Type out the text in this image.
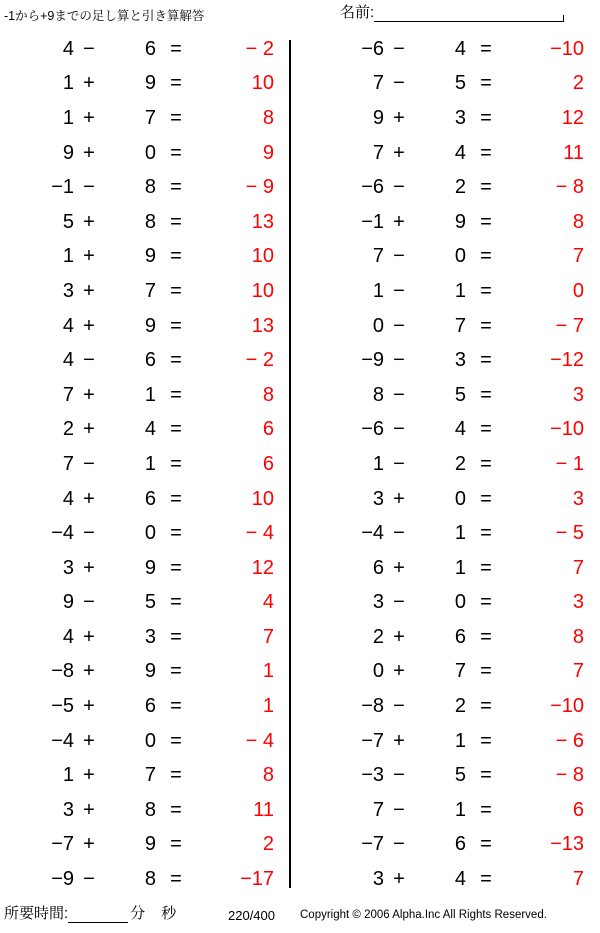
-1から+9までの足し算と引き算解答	名前:
4 −	6 =	− 2
1 +	9 =	10
1 +	7 =	8
9 +	0 =	9
−1 −	8 =	− 9
5 +	8 =	13
1 +	9 =	10
3 +	7 =	10
4 +	9 =	13
4 −	6 =	− 2
7 +	1 =	8
2 +	4 =	6
7 −	1 =	6
4 +	6 =	10
−4 −	0 =	− 4
3 +	9 =	12
9 −	5 =	4
4 +	3 =	7
−8 +	9 =	1
−5 +	6 =	1
−4 +	0 =	− 4
1 +	7 =	8
3 +	8 =	11
−7 +	9 =	2
−9 −	8 =	−17
−6 −	4 =	−10
7 −	5 =	2
9 +	3 =	12
7 +	4 =	11
−6 −	2 =	− 8
−1 +	9 =	8
7 −	0 =	7
1 −	1 =	0
0 −	7 =	− 7
−9 −	3 =	−12
8 −	5 =	3
−6 −	4 =	−10
1 −	2 =	− 1
3 +	0 =	3
−4 −	1 =	− 5
6 +	1 =	7
3 −	0 =	3
2 +	6 =	8
0 +	7 =	7
−8 −	2 =	−10
−7 +	1 =	− 6
−3 −	5 =	− 8
7 −	1 =	6
−7 −	6 =	−13
3 +	4 =	7
所要時間:	分 秒	220/400 Copyright © 2006 Alpha.Inc All Rights Reserved.
